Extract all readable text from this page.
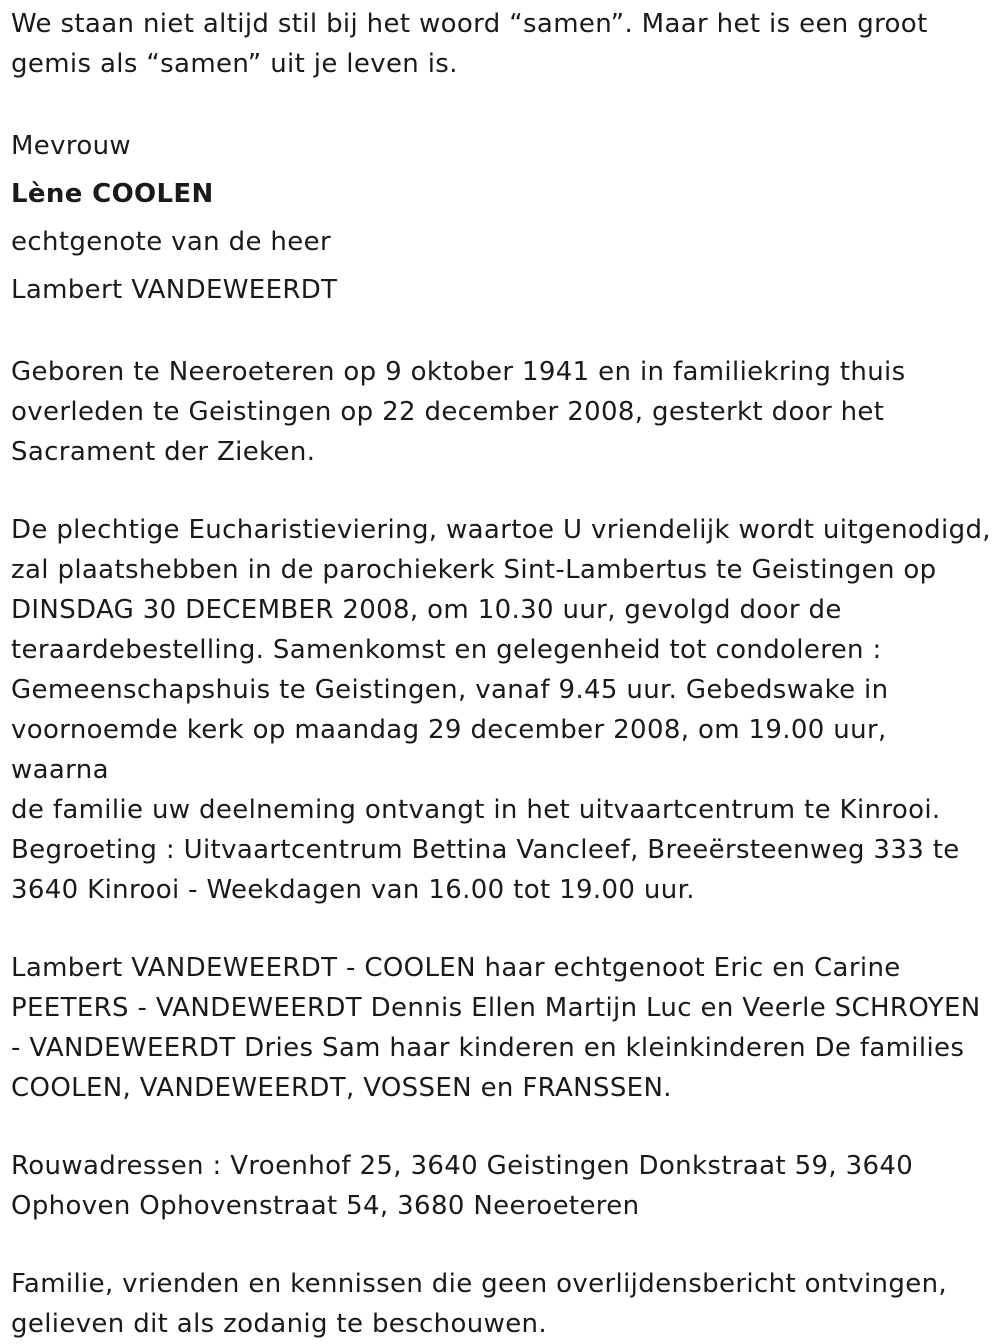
We staan niet altijd stil bij het woord “samen”. Maar het is een groot

gemis als “samen” uit je leven is.

Mevrouw

Lène COOLEN

echtgenote van de heer

Lambert VANDEWEERDT

Geboren te Neeroeteren op 9 oktober 1941 en in familiekring thuis

overleden te Geistingen op 22 december 2008, gesterkt door het

Sacrament der Zieken.

De plechtige Eucharistieviering, waartoe U vriendelijk wordt uitgenodigd,

zal plaatshebben in de parochiekerk Sint-Lambertus te Geistingen op

DINSDAG 30 DECEMBER 2008, om 10.30 uur, gevolgd door de

teraardebestelling. Samenkomst en gelegenheid tot condoleren :

Gemeenschapshuis te Geistingen, vanaf 9.45 uur. Gebedswake in

voornoemde kerk op maandag 29 december 2008, om 19.00 uur, waarna

de familie uw deelneming ontvangt in het uitvaartcentrum te Kinrooi.

Begroeting : Uitvaartcentrum Bettina Vancleef, Breeërsteenweg 333 te

3640 Kinrooi - Weekdagen van 16.00 tot 19.00 uur.

Lambert VANDEWEERDT - COOLEN haar echtgenoot Eric en Carine

PEETERS - VANDEWEERDT Dennis Ellen Martijn Luc en Veerle SCHROYEN

- VANDEWEERDT Dries Sam haar kinderen en kleinkinderen De families

COOLEN, VANDEWEERDT, VOSSEN en FRANSSEN.

Rouwadressen : Vroenhof 25, 3640 Geistingen Donkstraat 59, 3640

Ophoven Ophovenstraat 54, 3680 Neeroeteren

Familie, vrienden en kennissen die geen overlijdensbericht ontvingen,

gelieven dit als zodanig te beschouwen.
